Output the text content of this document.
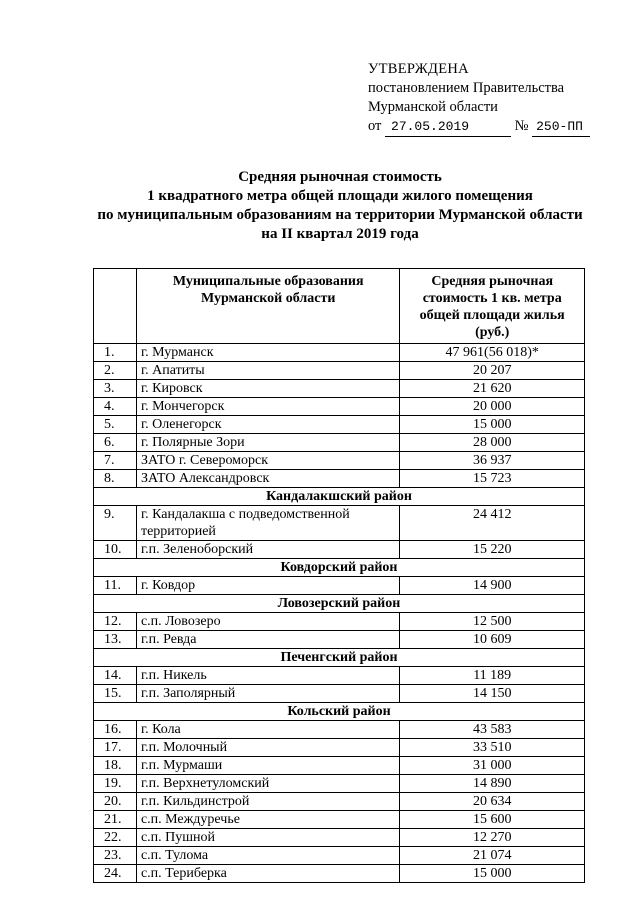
УТВЕРЖДЕНА
постановлением Правительства
Мурманской области
от 27.05.2019	№ 250-ПП
Средняя рыночная стоимость
1 квадратного метра общей площади жилого помещения
по муниципальным образованиям на территории Мурманской области
на II квартал 2019 года
	Муниципальные образования Мурманской области	Средняя рыночная стоимость 1 кв. метра общей площади жилья (руб.)
1.	г. Мурманск	47 961(56 018)*
2.	г. Апатиты	20 207
3.	г. Кировск	21 620
4.	г. Мончегорск	20 000
5.	г. Оленегорск	15 000
6.	г. Полярные Зори	28 000
7.	ЗАТО г. Североморск	36 937
8.	ЗАТО Александровск	15 723
Кандалакшский район		
9.	г. Кандалакша с подведомственной территорией	24 412
10.	г.п. Зеленоборский	15 220
Ковдорский район		
11.	г. Ковдор	14 900
Ловозерский район		
12.	с.п. Ловозеро	12 500
13.	г.п. Ревда	10 609
Печенгский район		
14.	г.п. Никель	11 189
15.	г.п. Заполярный	14 150
Кольский район		
16.	г. Кола	43 583
17.	г.п. Молочный	33 510
18.	г.п. Мурмаши	31 000
19.	г.п. Верхнетуломский	14 890
20.	г.п. Кильдинстрой	20 634
21.	с.п. Междуречье	15 600
22.	с.п. Пушной	12 270
23.	с.п. Тулома	21 074
24.	с.п. Териберка	15 000
